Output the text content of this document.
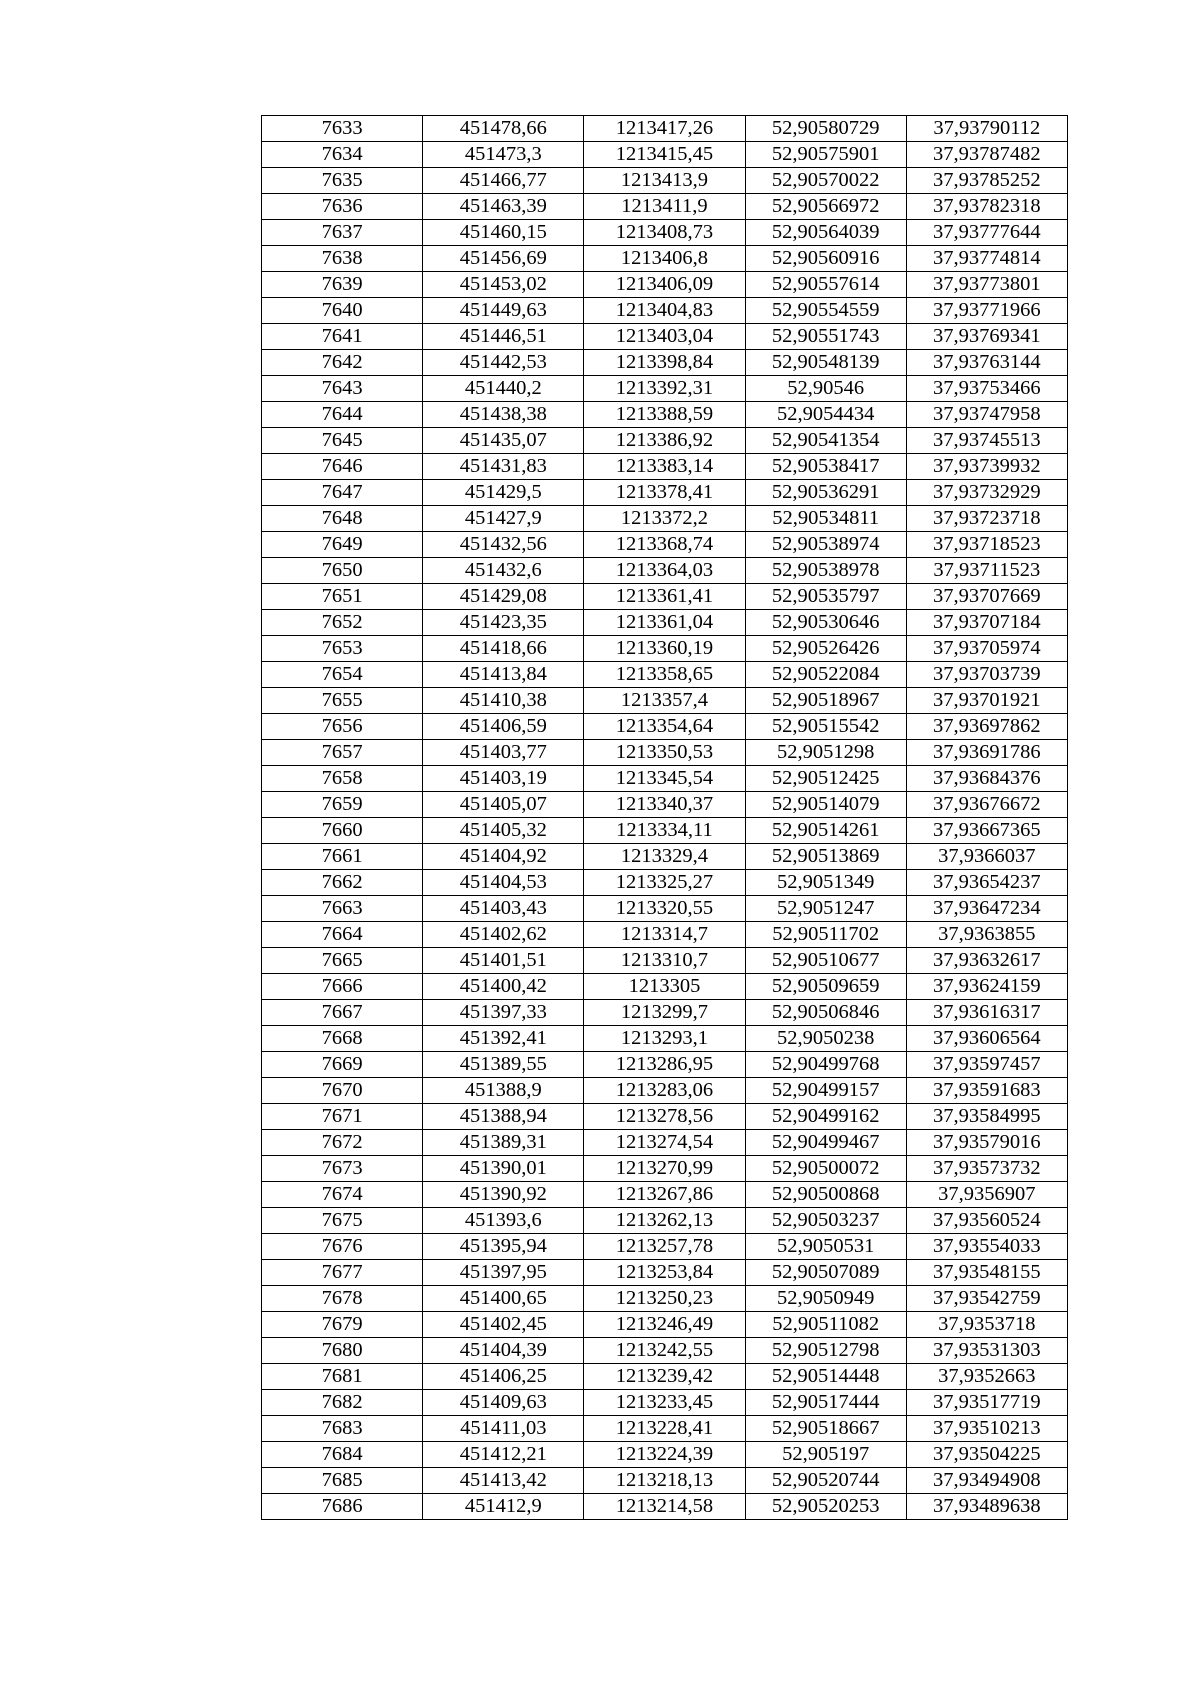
7633	451478,66	1213417,26	52,90580729	37,93790112
7634	451473,3	1213415,45	52,90575901	37,93787482
7635	451466,77	1213413,9	52,90570022	37,93785252
7636	451463,39	1213411,9	52,90566972	37,93782318
7637	451460,15	1213408,73	52,90564039	37,93777644
7638	451456,69	1213406,8	52,90560916	37,93774814
7639	451453,02	1213406,09	52,90557614	37,93773801
7640	451449,63	1213404,83	52,90554559	37,93771966
7641	451446,51	1213403,04	52,90551743	37,93769341
7642	451442,53	1213398,84	52,90548139	37,93763144
7643	451440,2	1213392,31	52,90546	37,93753466
7644	451438,38	1213388,59	52,9054434	37,93747958
7645	451435,07	1213386,92	52,90541354	37,93745513
7646	451431,83	1213383,14	52,90538417	37,93739932
7647	451429,5	1213378,41	52,90536291	37,93732929
7648	451427,9	1213372,2	52,90534811	37,93723718
7649	451432,56	1213368,74	52,90538974	37,93718523
7650	451432,6	1213364,03	52,90538978	37,93711523
7651	451429,08	1213361,41	52,90535797	37,93707669
7652	451423,35	1213361,04	52,90530646	37,93707184
7653	451418,66	1213360,19	52,90526426	37,93705974
7654	451413,84	1213358,65	52,90522084	37,93703739
7655	451410,38	1213357,4	52,90518967	37,93701921
7656	451406,59	1213354,64	52,90515542	37,93697862
7657	451403,77	1213350,53	52,9051298	37,93691786
7658	451403,19	1213345,54	52,90512425	37,93684376
7659	451405,07	1213340,37	52,90514079	37,93676672
7660	451405,32	1213334,11	52,90514261	37,93667365
7661	451404,92	1213329,4	52,90513869	37,9366037
7662	451404,53	1213325,27	52,9051349	37,93654237
7663	451403,43	1213320,55	52,9051247	37,93647234
7664	451402,62	1213314,7	52,90511702	37,9363855
7665	451401,51	1213310,7	52,90510677	37,93632617
7666	451400,42	1213305	52,90509659	37,93624159
7667	451397,33	1213299,7	52,90506846	37,93616317
7668	451392,41	1213293,1	52,9050238	37,93606564
7669	451389,55	1213286,95	52,90499768	37,93597457
7670	451388,9	1213283,06	52,90499157	37,93591683
7671	451388,94	1213278,56	52,90499162	37,93584995
7672	451389,31	1213274,54	52,90499467	37,93579016
7673	451390,01	1213270,99	52,90500072	37,93573732
7674	451390,92	1213267,86	52,90500868	37,9356907
7675	451393,6	1213262,13	52,90503237	37,93560524
7676	451395,94	1213257,78	52,9050531	37,93554033
7677	451397,95	1213253,84	52,90507089	37,93548155
7678	451400,65	1213250,23	52,9050949	37,93542759
7679	451402,45	1213246,49	52,90511082	37,9353718
7680	451404,39	1213242,55	52,90512798	37,93531303
7681	451406,25	1213239,42	52,90514448	37,9352663
7682	451409,63	1213233,45	52,90517444	37,93517719
7683	451411,03	1213228,41	52,90518667	37,93510213
7684	451412,21	1213224,39	52,905197	37,93504225
7685	451413,42	1213218,13	52,90520744	37,93494908
7686	451412,9	1213214,58	52,90520253	37,93489638
